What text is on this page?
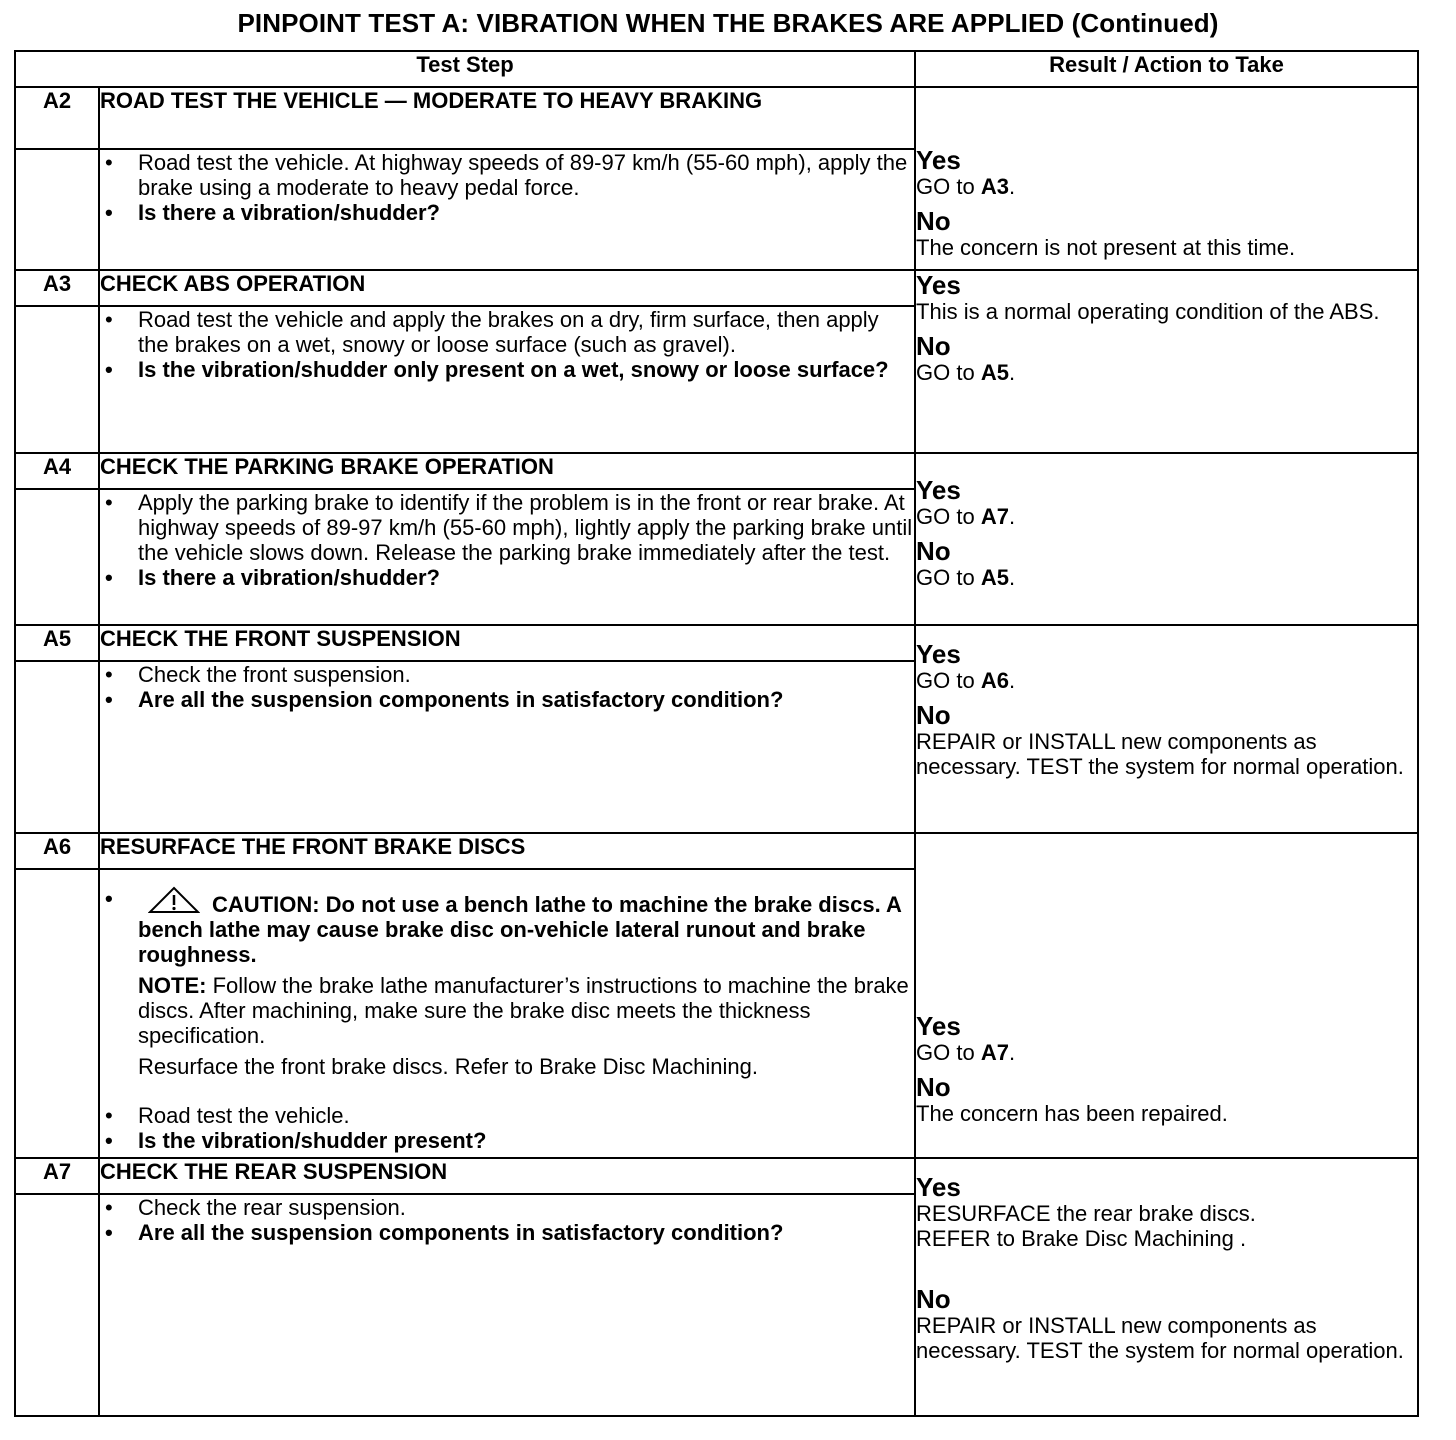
PINPOINT TEST A: VIBRATION WHEN THE BRAKES ARE APPLIED (Continued)
Test Step		Result / Action to Take
A2	ROAD TEST THE VEHICLE — MODERATE TO HEAVY BRAKING	Yes
GO to A3.
No
The concern is not present at this time.

	• Road test the vehicle. At highway speeds of 89-97 km/h (55-60 mph), apply the brake using a moderate to heavy pedal force.
• Is there a vibration/shudder?

A3	CHECK ABS OPERATION	Yes
This is a normal operating condition of the ABS.
No
GO to A5.

	• Road test the vehicle and apply the brakes on a dry, firm surface, then apply the brakes on a wet, snowy or loose surface (such as gravel).
• Is the vibration/shudder only present on a wet, snowy or loose surface?

A4	CHECK THE PARKING BRAKE OPERATION	Yes
GO to A7.
No
GO to A5.

	• Apply the parking brake to identify if the problem is in the front or rear brake. At highway speeds of 89-97 km/h (55-60 mph), lightly apply the parking brake until the vehicle slows down. Release the parking brake immediately after the test.
• Is there a vibration/shudder?

A5	CHECK THE FRONT SUSPENSION	Yes
GO to A6.
No
REPAIR or INSTALL new components as necessary. TEST the system for normal operation.

	• Check the front suspension.
• Are all the suspension components in satisfactory condition?

A6	RESURFACE THE FRONT BRAKE DISCS	Yes
GO to A7.
No
The concern has been repaired.

	• CAUTION: Do not use a bench lathe to machine the brake discs. A bench lathe may cause brake disc on-vehicle lateral runout and brake roughness.
NOTE: Follow the brake lathe manufacturer’s instructions to machine the brake discs. After machining, make sure the brake disc meets the thickness specification.
Resurface the front brake discs. Refer to Brake Disc Machining.
• Road test the vehicle.
• Is the vibration/shudder present?

A7	CHECK THE REAR SUSPENSION	Yes
RESURFACE the rear brake discs.
REFER to Brake Disc Machining .
No
REPAIR or INSTALL new components as necessary. TEST the system for normal operation.

	• Check the rear suspension.
• Are all the suspension components in satisfactory condition?
